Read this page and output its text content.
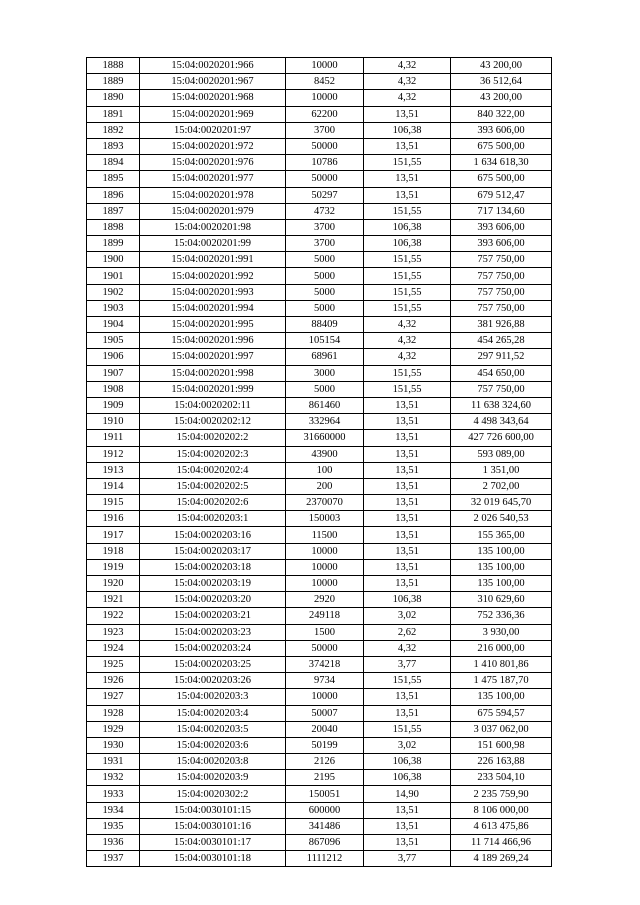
1888	15:04:0020201:966	10000	4,32	43 200,00
1889	15:04:0020201:967	8452	4,32	36 512,64
1890	15:04:0020201:968	10000	4,32	43 200,00
1891	15:04:0020201:969	62200	13,51	840 322,00
1892	15:04:0020201:97	3700	106,38	393 606,00
1893	15:04:0020201:972	50000	13,51	675 500,00
1894	15:04:0020201:976	10786	151,55	1 634 618,30
1895	15:04:0020201:977	50000	13,51	675 500,00
1896	15:04:0020201:978	50297	13,51	679 512,47
1897	15:04:0020201:979	4732	151,55	717 134,60
1898	15:04:0020201:98	3700	106,38	393 606,00
1899	15:04:0020201:99	3700	106,38	393 606,00
1900	15:04:0020201:991	5000	151,55	757 750,00
1901	15:04:0020201:992	5000	151,55	757 750,00
1902	15:04:0020201:993	5000	151,55	757 750,00
1903	15:04:0020201:994	5000	151,55	757 750,00
1904	15:04:0020201:995	88409	4,32	381 926,88
1905	15:04:0020201:996	105154	4,32	454 265,28
1906	15:04:0020201:997	68961	4,32	297 911,52
1907	15:04:0020201:998	3000	151,55	454 650,00
1908	15:04:0020201:999	5000	151,55	757 750,00
1909	15:04:0020202:11	861460	13,51	11 638 324,60
1910	15:04:0020202:12	332964	13,51	4 498 343,64
1911	15:04:0020202:2	31660000	13,51	427 726 600,00
1912	15:04:0020202:3	43900	13,51	593 089,00
1913	15:04:0020202:4	100	13,51	1 351,00
1914	15:04:0020202:5	200	13,51	2 702,00
1915	15:04:0020202:6	2370070	13,51	32 019 645,70
1916	15:04:0020203:1	150003	13,51	2 026 540,53
1917	15:04:0020203:16	11500	13,51	155 365,00
1918	15:04:0020203:17	10000	13,51	135 100,00
1919	15:04:0020203:18	10000	13,51	135 100,00
1920	15:04:0020203:19	10000	13,51	135 100,00
1921	15:04:0020203:20	2920	106,38	310 629,60
1922	15:04:0020203:21	249118	3,02	752 336,36
1923	15:04:0020203:23	1500	2,62	3 930,00
1924	15:04:0020203:24	50000	4,32	216 000,00
1925	15:04:0020203:25	374218	3,77	1 410 801,86
1926	15:04:0020203:26	9734	151,55	1 475 187,70
1927	15:04:0020203:3	10000	13,51	135 100,00
1928	15:04:0020203:4	50007	13,51	675 594,57
1929	15:04:0020203:5	20040	151,55	3 037 062,00
1930	15:04:0020203:6	50199	3,02	151 600,98
1931	15:04:0020203:8	2126	106,38	226 163,88
1932	15:04:0020203:9	2195	106,38	233 504,10
1933	15:04:0020302:2	150051	14,90	2 235 759,90
1934	15:04:0030101:15	600000	13,51	8 106 000,00
1935	15:04:0030101:16	341486	13,51	4 613 475,86
1936	15:04:0030101:17	867096	13,51	11 714 466,96
1937	15:04:0030101:18	1111212	3,77	4 189 269,24
